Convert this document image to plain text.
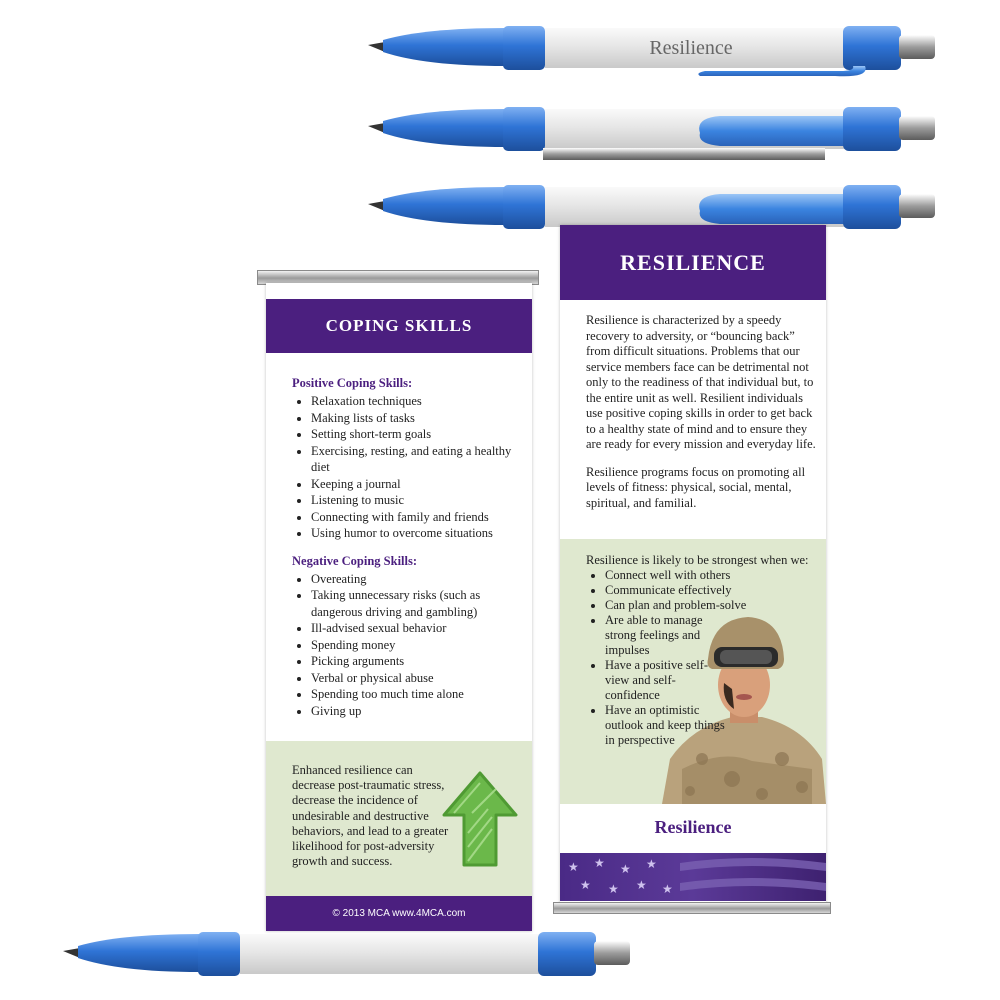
Resilience
COPING SKILLS

Positive Coping Skills:

• Relaxation techniques
• Making lists of tasks
• Setting short-term goals
• Exercising, resting, and eating a healthy diet
• Keeping a journal
• Listening to music
• Connecting with family and friends
• Using humor to overcome situations

Negative Coping Skills:

• Overeating
• Taking unnecessary risks (such as dangerous driving and gambling)
• Ill-advised sexual behavior
• Spending money
• Picking arguments
• Verbal or physical abuse
• Spending too much time alone
• Giving up
Enhanced resilience can decrease post-traumatic stress, decrease the incidence of undesirable and destructive behaviors, and lead to a greater likelihood for post-adversity growth and success.
© 2013 MCA www.4MCA.com
RESILIENCE

Resilience is characterized by a speedy recovery to adversity, or “bouncing back” from difficult situations. Problems that our service members face can be detrimental not only to the readiness of that individual but, to the entire unit as well. Resilient individuals use positive coping skills in order to get back to a healthy state of mind and to ensure they are ready for every mission and everyday life.

Resilience programs focus on promoting all levels of fitness: physical, social, mental, spiritual, and familial.

Resilience is likely to be strongest when we:
• Connect well with others
• Communicate effectively
• Can plan and problem-solve
• Are able to manage strong feelings and impulses
• Have a positive self-view and self-confidence
• Have an optimistic outlook and keep things in perspective
Resilience
★ ★ ★ ★
★ ★ ★ ★
